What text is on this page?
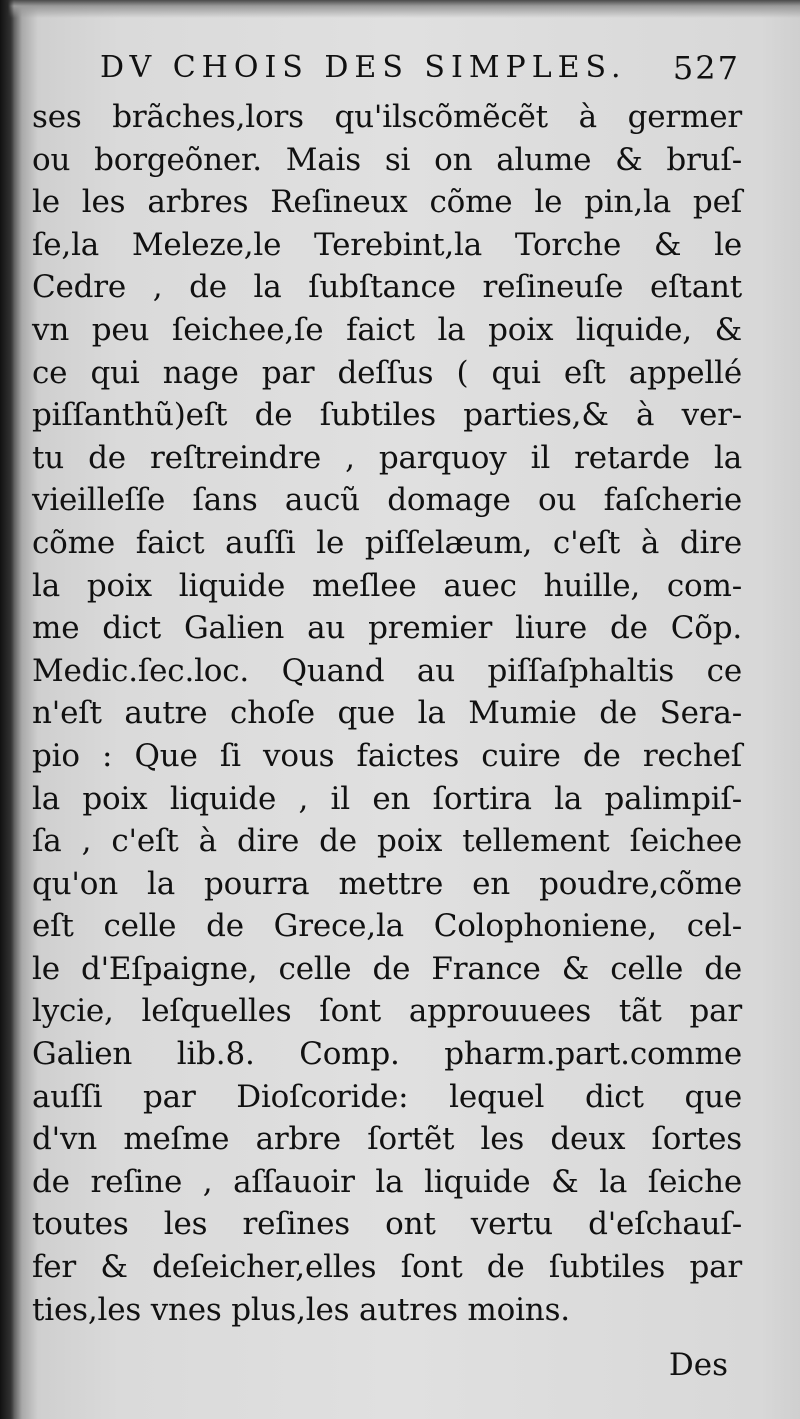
DV CHOIS DES SIMPLES. 527
ses brãches,lors qu'ilscõmẽcẽt à germer
ou borgeõner. Mais si on alume & bruſ-
le les arbres Reſineux cõme le pin,la peſ
ſe,la Meleze,le Terebint,la Torche & le
Cedre , de la ſubſtance reſineuſe eſtant
vn peu ſeichee,ſe faict la poix liquide, &
ce qui nage par deſſus ( qui eſt appellé
piſſanthũ)eſt de ſubtiles parties,& à ver-
tu de reſtreindre , parquoy il retarde la
vieilleſſe ſans aucũ domage ou faſcherie
cõme faict auſſi le piſſelæum, c'eſt à dire
la poix liquide meſlee auec huille, com-
me dict Galien au premier liure de Cõp.
Medic.ſec.loc. Quand au piſſaſphaltis ce
n'eſt autre choſe que la Mumie de Sera-
pio : Que ſi vous faictes cuire de recheſ
la poix liquide , il en ſortira la palimpiſ-
ſa , c'eſt à dire de poix tellement ſeichee
qu'on la pourra mettre en poudre,cõme
eſt celle de Grece,la Colophoniene, cel-
le d'Eſpaigne, celle de France & celle de
lycie, leſquelles ſont approuuees tãt par
Galien lib.8. Comp. pharm.part.comme
auſſi par Dioſcoride: lequel dict que
d'vn meſme arbre ſortẽt les deux ſortes
de reſine , aſſauoir la liquide & la ſeiche
toutes les reſines ont vertu d'eſchauſ-
fer & deſeicher,elles ſont de ſubtiles par
ties,les vnes plus,les autres moins.
Des
